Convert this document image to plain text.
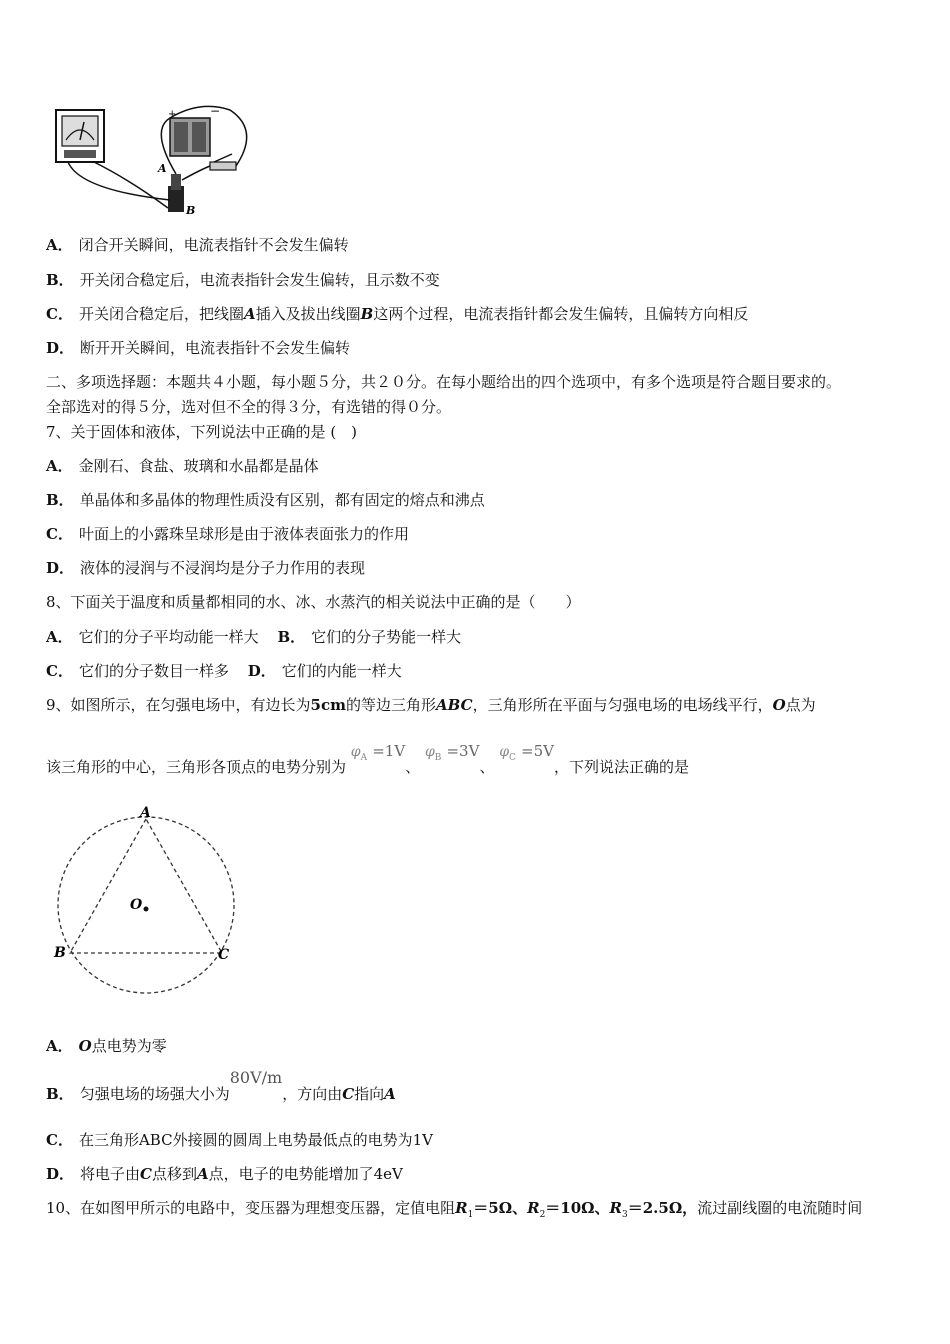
+	−
A
B
A． 闭合开关瞬间，电流表指针不会发生偏转
B． 开关闭合稳定后，电流表指针会发生偏转，且示数不变
C． 开关闭合稳定后，把线圈A插入及拔出线圈B这两个过程，电流表指针都会发生偏转，且偏转方向相反
D． 断开开关瞬间，电流表指针不会发生偏转
二、多项选择题：本题共４小题，每小题５分，共２０分。在每小题给出的四个选项中，有多个选项是符合题目要求的。
全部选对的得５分，选对但不全的得３分，有选错的得０分。
7、关于固体和液体，下列说法中正确的是 (　)
A． 金刚石、食盐、玻璃和水晶都是晶体
B． 单晶体和多晶体的物理性质没有区别，都有固定的熔点和沸点
C． 叶面上的小露珠呈球形是由于液体表面张力的作用
D． 液体的浸润与不浸润均是分子力作用的表现
8、下面关于温度和质量都相同的水、冰、水蒸汽的相关说法中正确的是（　　）
A． 它们的分子平均动能一样大 B． 它们的分子势能一样大
C． 它们的分子数目一样多 D． 它们的内能一样大
9、如图所示，在匀强电场中，有边长为5cm的等边三角形ABC，三角形所在平面与匀强电场的电场线平行，O点为
该三角形的中心，三角形各顶点的电势分别为 $\varphi_A =1V$、 $\varphi_B =3V$、 $\varphi_C =5V$，下列说法正确的是
A
B	C
O
A． O点电势为零
B． 匀强电场的场强大小为80V/m，方向由C指向A
C． 在三角形ABC外接圆的圆周上电势最低点的电势为1V
D． 将电子由C点移到A点，电子的电势能增加了4eV
10、在如图甲所示的电路中，变压器为理想变压器，定值电阻$R_1=5\Omega$、$R_2=10\Omega$、$R_3=2.5\Omega$，流过副线圈的电流随时间
